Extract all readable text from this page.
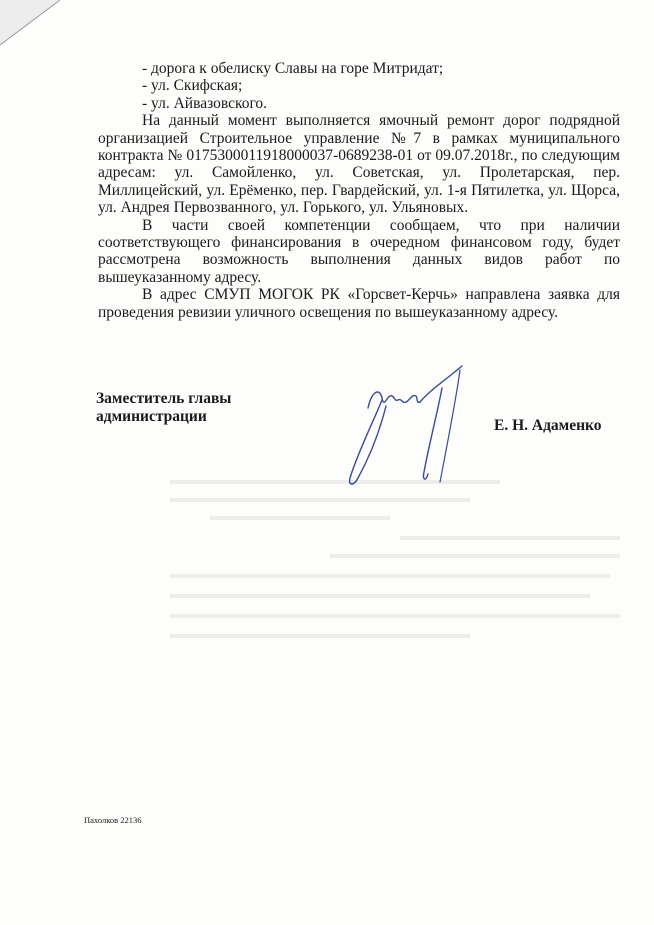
- дорога к обелиску Славы на горе Митридат;

- ул. Скифская;

- ул. Айвазовского.

На данный момент выполняется ямочный ремонт дорог подрядной организацией Строительное управление №7 в рамках муниципального контракта № 0175300011918000037-0689238-01 от 09.07.2018г., по следующим адресам: ул. Самойленко, ул. Советская, ул. Пролетарская, пер. Миллицейский, ул. Ерёменко, пер. Гвардейский, ул. 1-я Пятилетка, ул. Щорса, ул. Андрея Первозванного, ул. Горького, ул. Ульяновых.

В части своей компетенции сообщаем, что при наличии соответствующего финансирования в очередном финансовом году, будет рассмотрена возможность выполнения данных видов работ по вышеуказанному адресу.

В адрес СМУП МОГОК РК «Горсвет-Керчь» направлена заявка для проведения ревизии уличного освещения по вышеуказанному адресу.

Заместитель главы
администрации
Е. Н. Адаменко
Пахолков 22136
